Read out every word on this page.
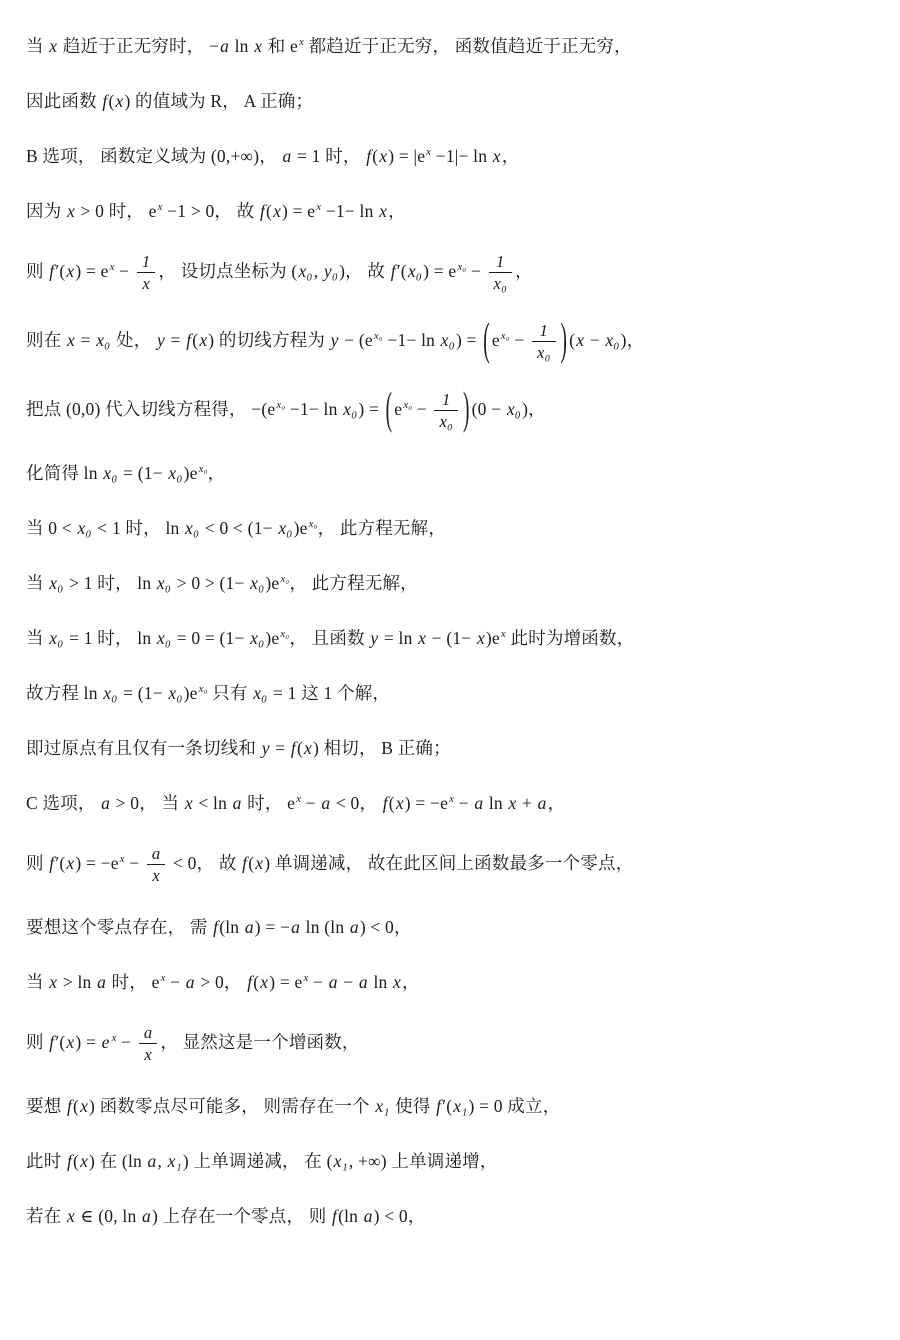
当 x 趋近于正无穷时， −a ln x 和 $e^x$ 都趋近于正无穷， 函数值趋近于正无穷，
因此函数 f(x) 的值域为 R， A 正确；
B 选项， 函数定义域为 (0,+∞)， a = 1 时， $f(x) = |e^x -1|- \ln x$，
因为 x > 0 时， $e^x -1 > 0$， 故 $f(x) = e^x -1- \ln x$，
则 $f'(x) = e^x - \frac{1}{x}$ ， 设切点坐标为 (x₀, y₀)， 故 $f'(x_0) = e^{x_0} - \frac{1}{\text{x₀}}$ ，
则在 x = x₀ 处， y = f(x) 的切线方程为 $y - (e^{x_0} -1- \ln x_0)$ = ( $e^{x_0} - \frac{1}{\text{x₀}}$ ) (x − x₀)，
把点 (0,0) 代入切线方程得， $-(e^{x_0} -1- \ln x_0)$ = ( $e^{x_0} - \frac{1}{\text{x₀}}$ ) (0 − x₀)，
化简得 $\ln x_0 = (1- x_0)e^{x_0}$，
当 0 < x₀ < 1 时， $\ln x_0 < 0 < (1- x_0)e^{x_0}$， 此方程无解，
当 x₀ > 1 时， $\ln x_0 > 0 > (1- x_0)e^{x_0}$， 此方程无解，
当 x₀ = 1 时， $\ln x_0 = 0 = (1- x_0)e^{x_0}$， 且函数 $y = \ln x - (1- x)e^x$ 此时为增函数，
故方程 $\ln x_0 = (1- x_0)e^{x_0}$ 只有 x₀ = 1 这 1 个解，
即过原点有且仅有一条切线和 y = f(x) 相切， B 正确；
C 选项， a > 0， 当 x < ln a 时， $e^x - a < 0$， $f(x) = -e^x - a$ ln x + a，
则 $f'(x) = -e^x - \frac{a}{x} < 0$， 故 f(x) 单调递减， 故在此区间上函数最多一个零点，
要想这个零点存在， 需 f(ln a) = −a ln (ln a) < 0，
当 x > ln a 时， $e^x - a > 0$， $f(x) = e^x - a - a$ ln x，
则 f′(x) = e $^x - \frac{a}{x}$ ， 显然这是一个增函数，
要想 f(x) 函数零点尽可能多， 则需存在一个 x₁ 使得 f′(x₁) = 0 成立，
此时 f(x) 在 (ln a, x₁) 上单调递减， 在 (x₁, +∞) 上单调递增，
若在 x ∈ (0, ln a) 上存在一个零点， 则 f(ln a) < 0，
